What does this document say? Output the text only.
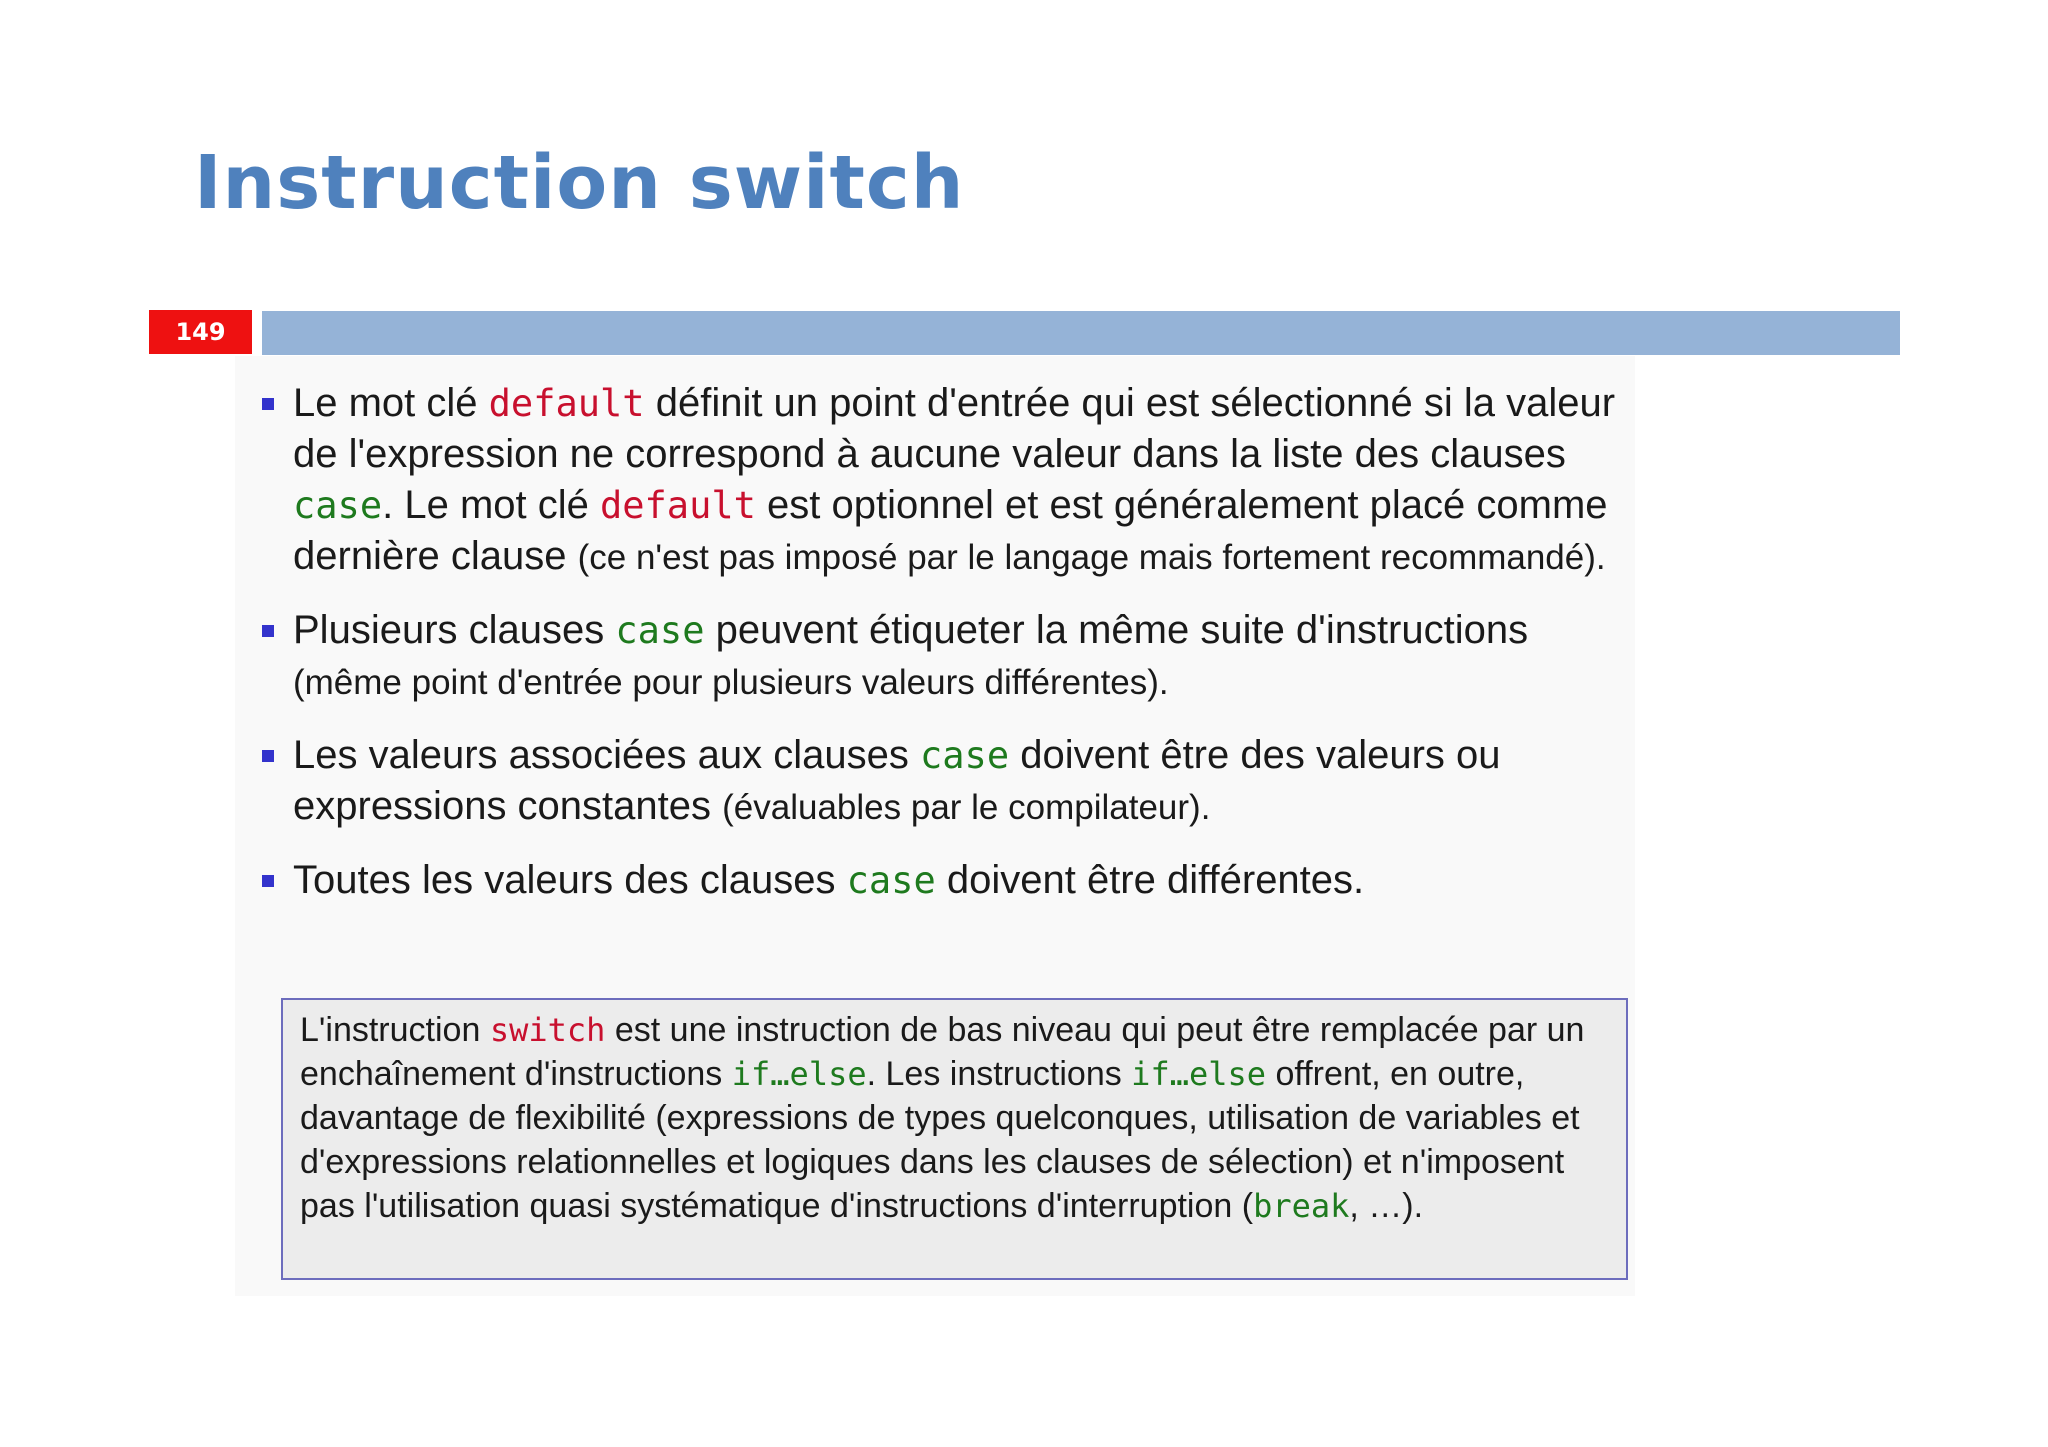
Instruction switch
149
Le mot clé default définit un point d'entrée qui est sélectionné si la valeur de l'expression ne correspond à aucune valeur dans la liste des clauses case. Le mot clé default est optionnel et est généralement placé comme dernière clause (ce n'est pas imposé par le langage mais fortement recommandé).
Plusieurs clauses case peuvent étiqueter la même suite d'instructions (même point d'entrée pour plusieurs valeurs différentes).
Les valeurs associées aux clauses case doivent être des valeurs ou expressions constantes (évaluables par le compilateur).
Toutes les valeurs des clauses case doivent être différentes.
L'instruction switch est une instruction de bas niveau qui peut être remplacée par un enchaînement d'instructions if…else. Les instructions if…else offrent, en outre, davantage de flexibilité (expressions de types quelconques, utilisation de variables et d'expressions relationnelles et logiques dans les clauses de sélection) et n'imposent pas l'utilisation quasi systématique d'instructions d'interruption (break, …).
